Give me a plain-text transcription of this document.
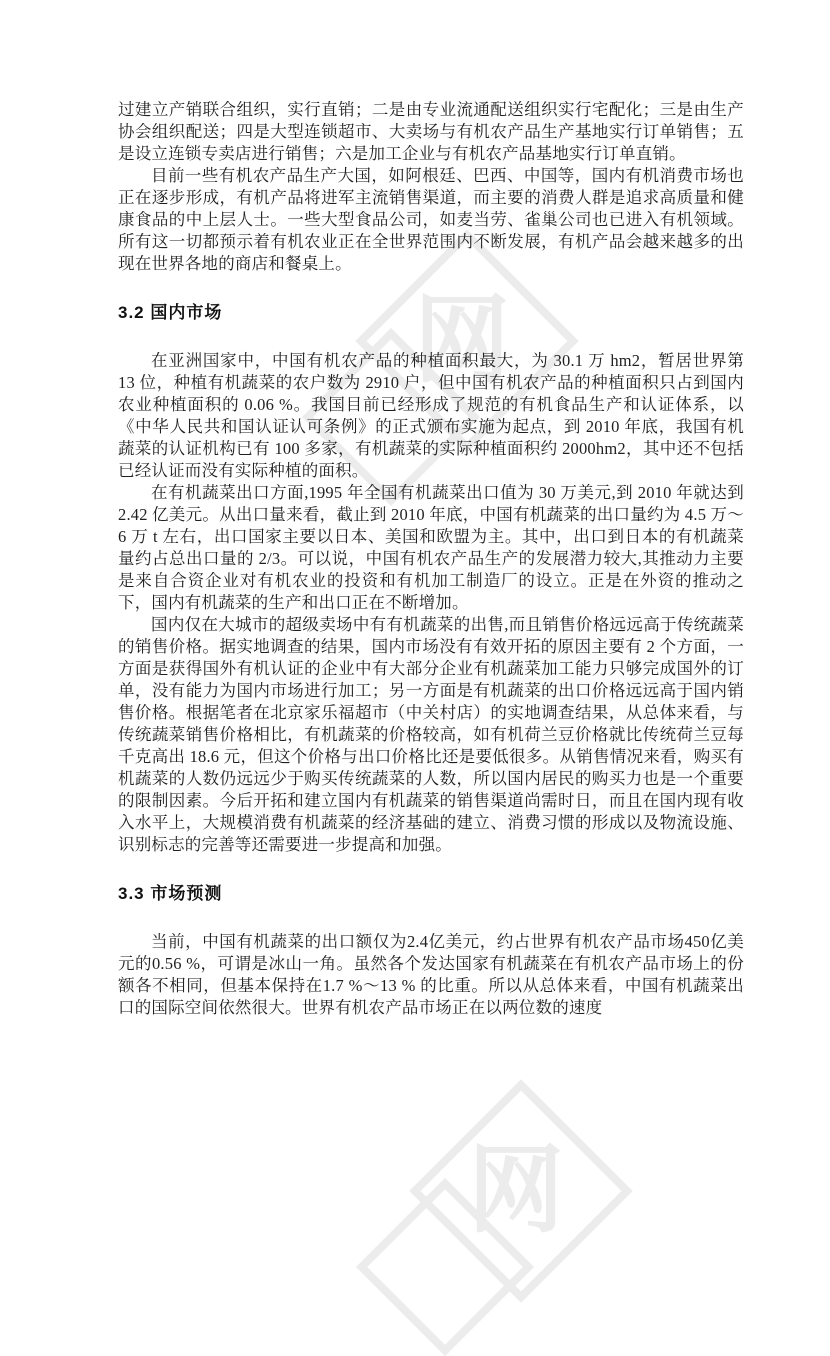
网
网

过建立产销联合组织，实行直销；二是由专业流通配送组织实行宅配化；三是由生产协会组织配送；四是大型连锁超市、大卖场与有机农产品生产基地实行订单销售；五是设立连锁专卖店进行销售；六是加工企业与有机农产品基地实行订单直销。

目前一些有机农产品生产大国，如阿根廷、巴西、中国等，国内有机消费市场也正在逐步形成，有机产品将进军主流销售渠道，而主要的消费人群是追求高质量和健康食品的中上层人士。一些大型食品公司，如麦当劳、雀巢公司也已进入有机领域。所有这一切都预示着有机农业正在全世界范围内不断发展，有机产品会越来越多的出现在世界各地的商店和餐桌上。

3.2 国内市场

在亚洲国家中，中国有机农产品的种植面积最大，为 30.1 万 hm2，暂居世界第 13 位，种植有机蔬菜的农户数为 2910 户，但中国有机农产品的种植面积只占到国内农业种植面积的 0.06 %。我国目前已经形成了规范的有机食品生产和认证体系，以《中华人民共和国认证认可条例》的正式颁布实施为起点，到 2010 年底，我国有机蔬菜的认证机构已有 100 多家，有机蔬菜的实际种植面积约 2000hm2，其中还不包括已经认证而没有实际种植的面积。

在有机蔬菜出口方面,1995 年全国有机蔬菜出口值为 30 万美元,到 2010 年就达到 2.42 亿美元。从出口量来看，截止到 2010 年底，中国有机蔬菜的出口量约为 4.5 万～6 万 t 左右，出口国家主要以日本、美国和欧盟为主。其中，出口到日本的有机蔬菜量约占总出口量的 2/3。可以说，中国有机农产品生产的发展潜力较大,其推动力主要是来自合资企业对有机农业的投资和有机加工制造厂的设立。正是在外资的推动之下，国内有机蔬菜的生产和出口正在不断增加。

国内仅在大城市的超级卖场中有有机蔬菜的出售,而且销售价格远远高于传统蔬菜的销售价格。据实地调查的结果，国内市场没有有效开拓的原因主要有 2 个方面，一方面是获得国外有机认证的企业中有大部分企业有机蔬菜加工能力只够完成国外的订单，没有能力为国内市场进行加工；另一方面是有机蔬菜的出口价格远远高于国内销售价格。根据笔者在北京家乐福超市（中关村店）的实地调查结果，从总体来看，与传统蔬菜销售价格相比，有机蔬菜的价格较高，如有机荷兰豆价格就比传统荷兰豆每千克高出 18.6 元，但这个价格与出口价格比还是要低很多。从销售情况来看，购买有机蔬菜的人数仍远远少于购买传统蔬菜的人数，所以国内居民的购买力也是一个重要的限制因素。今后开拓和建立国内有机蔬菜的销售渠道尚需时日，而且在国内现有收入水平上，大规模消费有机蔬菜的经济基础的建立、消费习惯的形成以及物流设施、识别标志的完善等还需要进一步提高和加强。

3.3 市场预测

当前，中国有机蔬菜的出口额仅为2.4亿美元，约占世界有机农产品市场450亿美元的0.56 %，可谓是冰山一角。虽然各个发达国家有机蔬菜在有机农产品市场上的份额各不相同，但基本保持在1.7 %～13 % 的比重。所以从总体来看，中国有机蔬菜出口的国际空间依然很大。世界有机农产品市场正在以两位数的速度
